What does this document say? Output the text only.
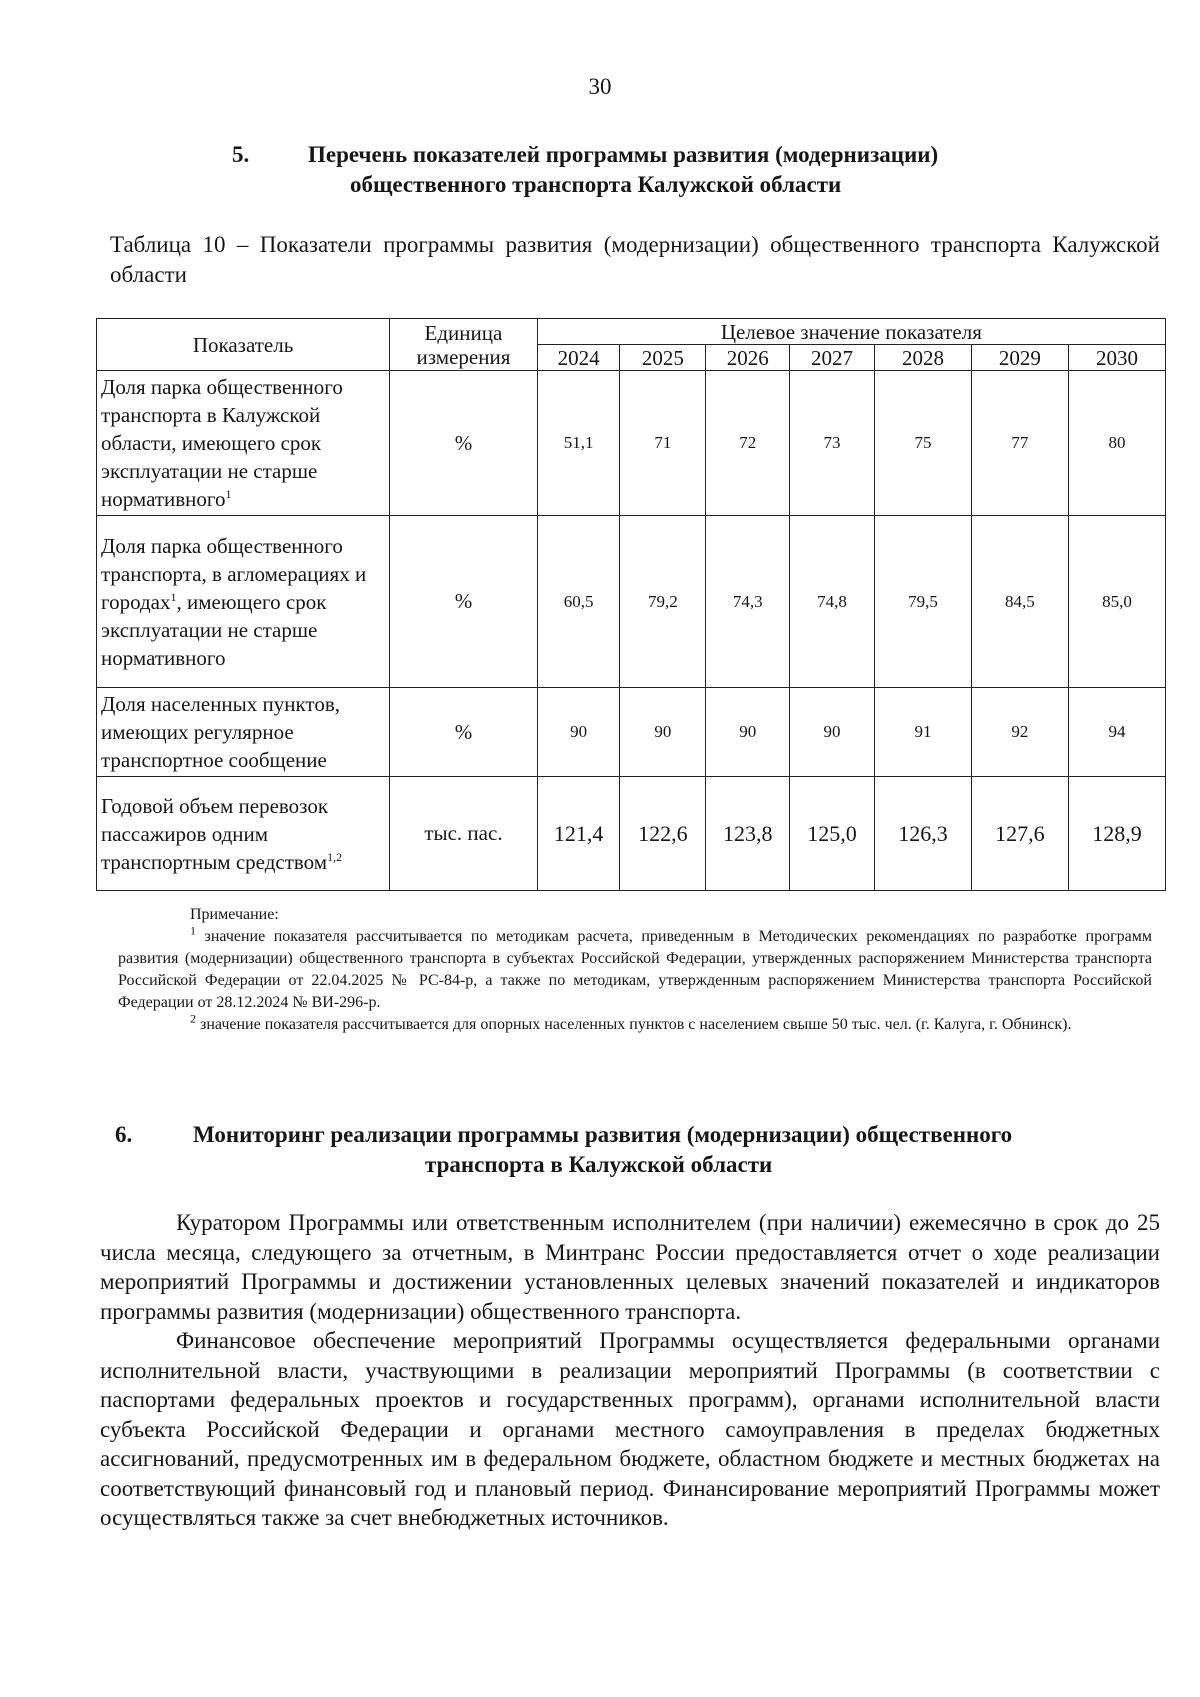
30
5.	Перечень показателей программы развития (модернизации)
общественного транспорта Калужской области
Таблица 10 – Показатели программы развития (модернизации) общественного транспорта Калужской области
Показатель	Единица измерения	Целевое значение показателя						
		2024	2025	2026	2027	2028	2029	2030
Доля парка общественного транспорта в Калужской области, имеющего срок эксплуатации не старше нормативного$^1$	%	51,1	71	72	73	75	77	80
Доля парка общественного транспорта, в агломерациях и городах$^1$, имеющего срок эксплуатации не старше нормативного	%	60,5	79,2	74,3	74,8	79,5	84,5	85,0
Доля населенных пунктов, имеющих регулярное транспортное сообщение	%	90	90	90	90	91	92	94
Годовой объем перевозок пассажиров одним транспортным средством$^{1,2}$	тыс. пас.	121,4	122,6	123,8	125,0	126,3	127,6	128,9
Примечание:

$^1$ значение показателя рассчитывается по методикам расчета, приведенным в Методических рекомендациях по разработке программ развития (модернизации) общественного транспорта в субъектах Российской Федерации, утвержденных распоряжением Министерства транспорта Российской Федерации от 22.04.2025 № РС-84-р, а также по методикам, утвержденным распоряжением Министерства транспорта Российской Федерации от 28.12.2024 № ВИ-296-р.

$^2$ значение показателя рассчитывается для опорных населенных пунктов с населением свыше 50 тыс. чел. (г. Калуга, г. Обнинск).

6.	Мониторинг реализации программы развития (модернизации) общественного
транспорта в Калужской области

Куратором Программы или ответственным исполнителем (при наличии) ежемесячно в срок до 25 числа месяца, следующего за отчетным, в Минтранс России предоставляется отчет о ходе реализации мероприятий Программы и достижении установленных целевых значений показателей и индикаторов программы развития (модернизации) общественного транспорта.

Финансовое обеспечение мероприятий Программы осуществляется федеральными органами исполнительной власти, участвующими в реализации мероприятий Программы (в соответствии с паспортами федеральных проектов и государственных программ), органами исполнительной власти субъекта Российской Федерации и органами местного самоуправления в пределах бюджетных ассигнований, предусмотренных им в федеральном бюджете, областном бюджете и местных бюджетах на соответствующий финансовый год и плановый период. Финансирование мероприятий Программы может осуществляться также за счет внебюджетных источников.
